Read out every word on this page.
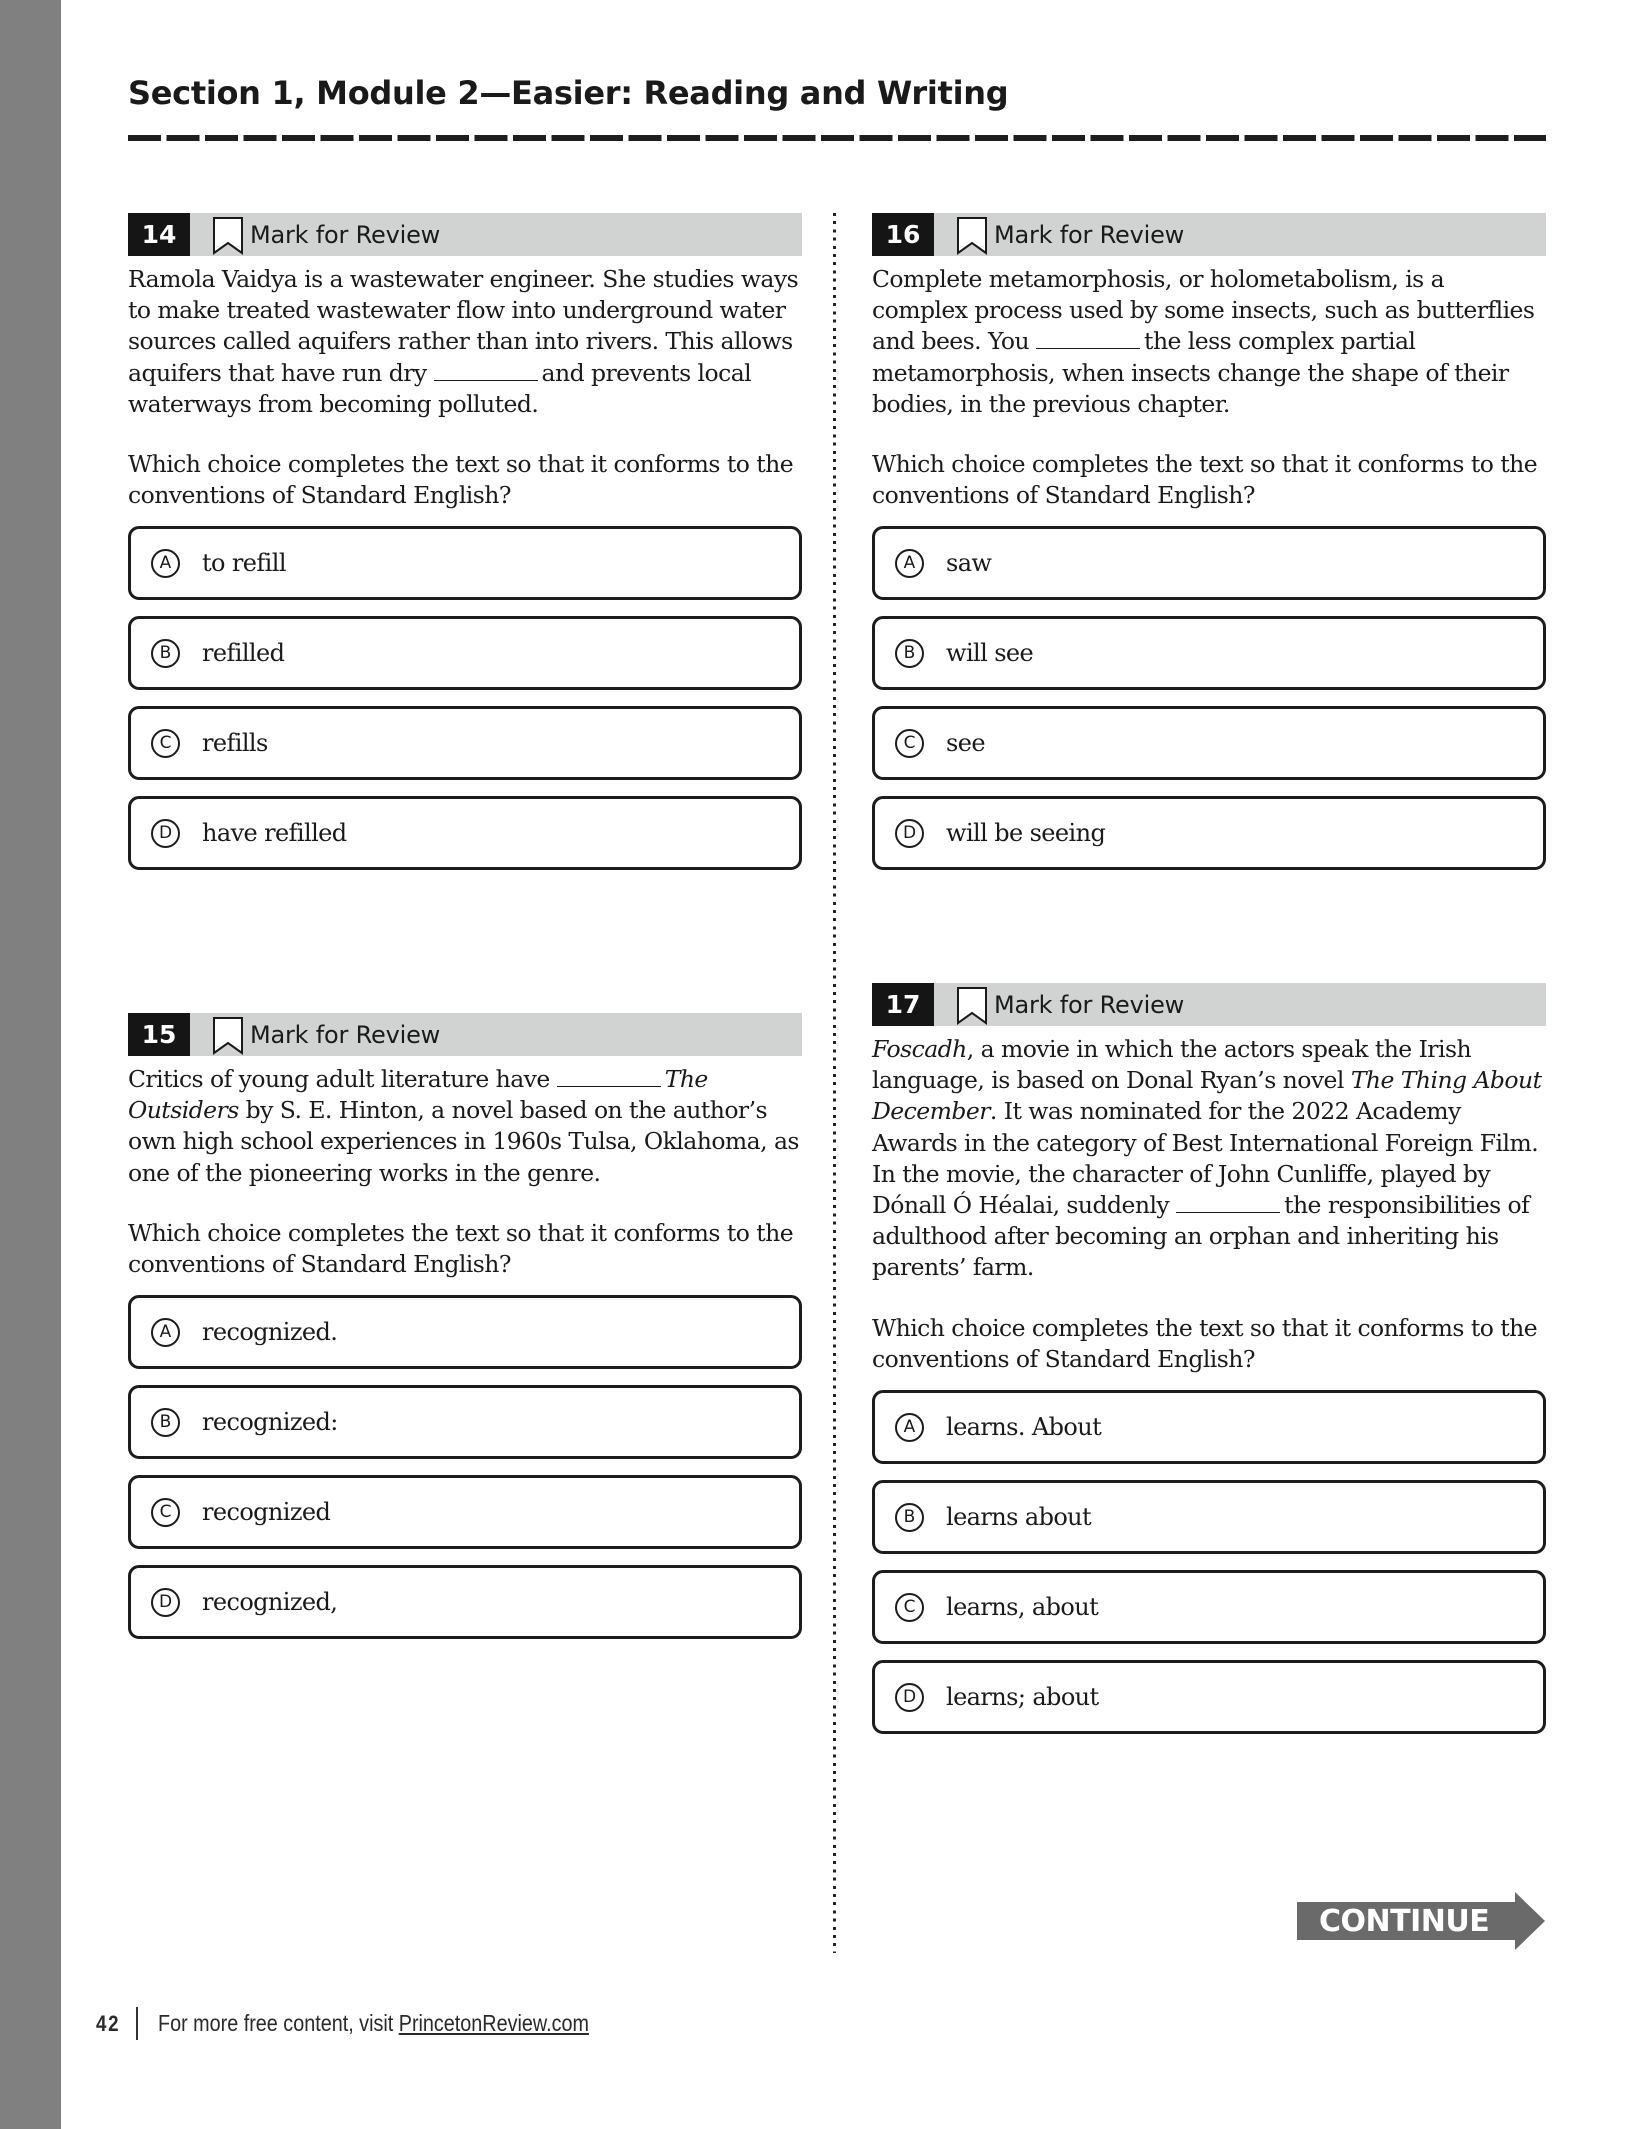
Section 1, Module 2—Easier: Reading and Writing
14	Mark for Review

Ramola Vaidya is a wastewater engineer. She studies ways to make treated wastewater flow into underground water sources called aquifers rather than into rivers. This allows aquifers that have run dry	and prevents local waterways from becoming polluted.

Which choice completes the text so that it conforms to the conventions of Standard English?

A	to refill
B	refilled
C	refills
D	have refilled
15	Mark for Review

Critics of young adult literature have	The Outsiders by S. E. Hinton, a novel based on the author’s own high school experiences in 1960s Tulsa, Oklahoma, as one of the pioneering works in the genre.

Which choice completes the text so that it conforms to the conventions of Standard English?

A	recognized.
B	recognized:
C	recognized
D	recognized,
16	Mark for Review

Complete metamorphosis, or holometabolism, is a complex process used by some insects, such as butterflies and bees. You	the less complex partial metamorphosis, when insects change the shape of their bodies, in the previous chapter.

Which choice completes the text so that it conforms to the conventions of Standard English?

A	saw
B	will see
C	see
D	will be seeing
17	Mark for Review

Foscadh, a movie in which the actors speak the Irish language, is based on Donal Ryan’s novel The Thing About December. It was nominated for the 2022 Academy Awards in the category of Best International Foreign Film. In the movie, the character of John Cunliffe, played by Dónall Ó Héalai, suddenly	the responsibilities of adulthood after becoming an orphan and inheriting his parents’ farm.

Which choice completes the text so that it conforms to the conventions of Standard English?

A	learns. About
B	learns about
C	learns, about
D	learns; about
CONTINUE
42 For more free content, visit PrincetonReview.com
